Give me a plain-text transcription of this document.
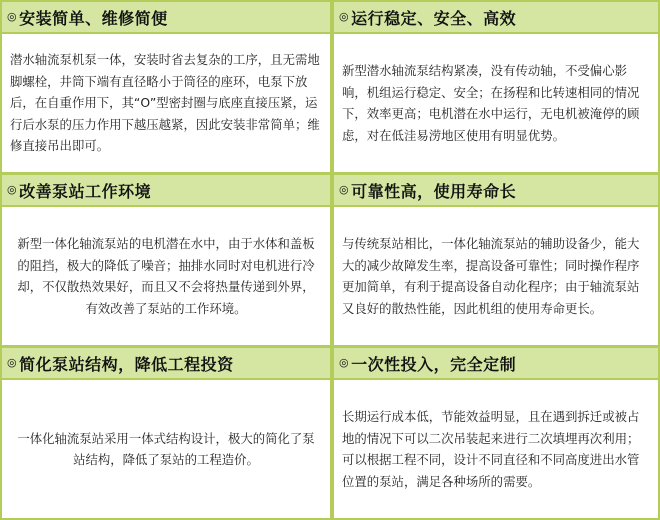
◎ 安装简单、维修简便	◎ 运行稳定、安全、高效

潜水轴流泵机泵一体，安装时省去复杂的工序，且无需地脚螺栓，井筒下端有直径略小于筒径的座环，电泵下放后，在自重作用下，其“O”型密封圈与底座直接压紧，运行后水泵的压力作用下越压越紧，因此安装非常简单；维修直接吊出即可。

新型潜水轴流泵结构紧凑，没有传动轴，不受偏心影响，机组运行稳定、安全；在扬程和比转速相同的情况下，效率更高；电机潜在水中运行，无电机被淹停的顾虑，对在低洼易涝地区使用有明显优势。

◎ 改善泵站工作环境	◎ 可靠性高，使用寿命长

新型一体化轴流泵站的电机潜在水中，由于水体和盖板的阻挡，极大的降低了噪音；抽排水同时对电机进行冷却，不仅散热效果好，而且又不会将热量传递到外界，有效改善了泵站的工作环境。

与传统泵站相比，一体化轴流泵站的辅助设备少，能大大的减少故障发生率，提高设备可靠性；同时操作程序更加简单，有利于提高设备自动化程序；由于轴流泵站又良好的散热性能，因此机组的使用寿命更长。

◎ 简化泵站结构，降低工程投资	◎ 一次性投入，完全定制

一体化轴流泵站采用一体式结构设计，极大的简化了泵站结构，降低了泵站的工程造价。

长期运行成本低，节能效益明显，且在遇到拆迁或被占地的情况下可以二次吊装起来进行二次填埋再次利用；可以根据工程不同，设计不同直径和不同高度进出水管位置的泵站，满足各种场所的需要。
